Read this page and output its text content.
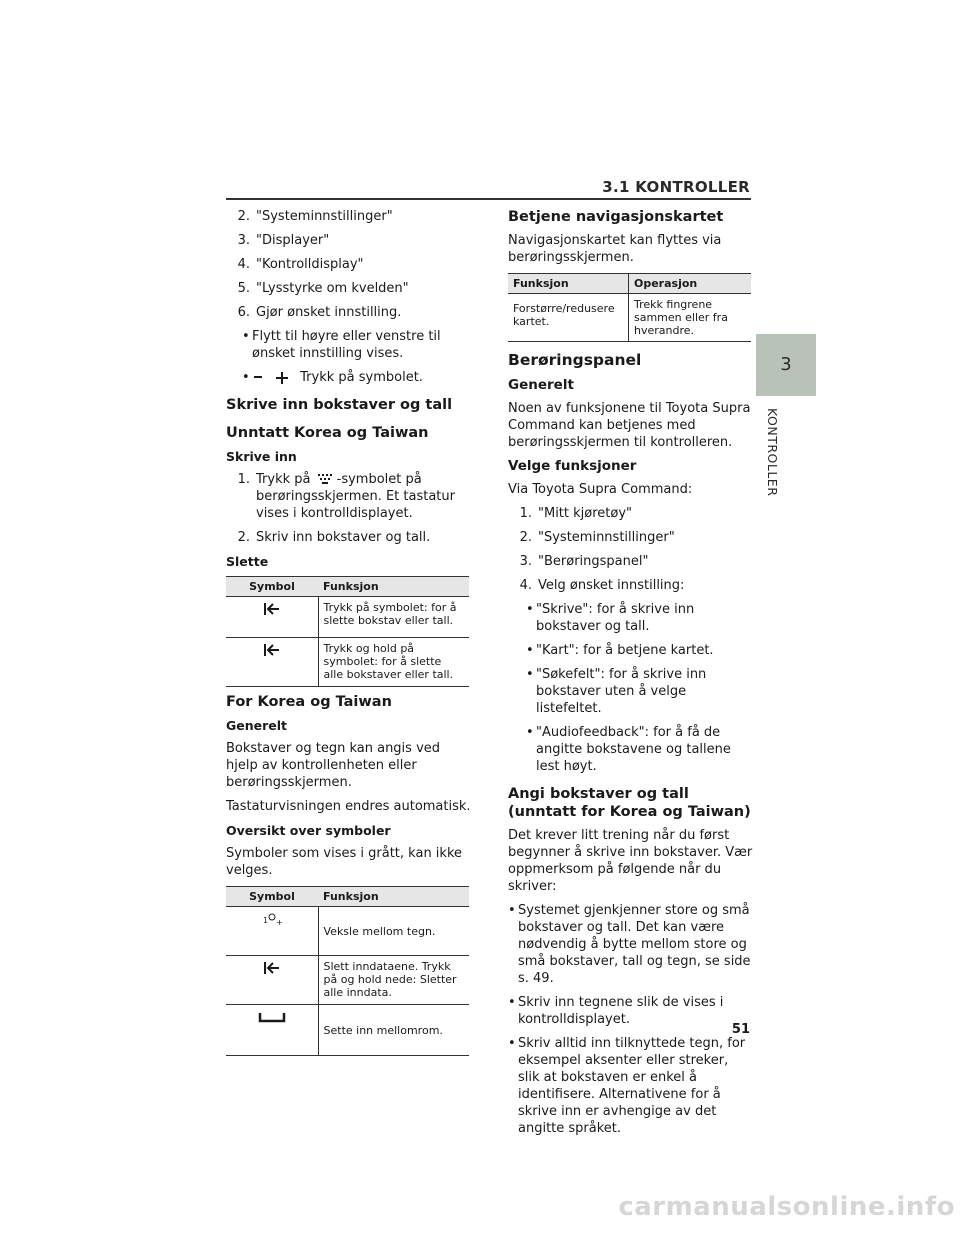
3.1 KONTROLLER
3
KONTROLLER
2. "Systeminnstillinger"
3. "Displayer"
4. "Kontrolldisplay"
5. "Lysstyrke om kvelden"
6. Gjør ønsket innstilling.
• Flytt til høyre eller venstre til ønsket innstilling vises.
•	Trykk på symbolet.
Skrive inn bokstaver og tall
Unntatt Korea og Taiwan
Skrive inn
1. Trykk på -symbolet på berøringsskjermen. Et tastatur vises i kontrolldisplayet.
2. Skriv inn bokstaver og tall.
Slette
Symbol	Funksjon
	Trykk på symbolet: for å slette bokstav eller tall.
	Trykk og hold på symbolet: for å slette alle bokstaver eller tall.
For Korea og Taiwan
Generelt

Bokstaver og tegn kan angis ved hjelp av kontrollenheten eller berøringsskjermen.

Tastaturvisningen endres automatisk.

Oversikt over symboler

Symboler som vises i grått, kan ikke velges.

Symbol	Funksjon

1 +	Veksle mellom tegn.
	Slett inndataene. Trykk på og hold nede: Sletter alle inndata.
	Sette inn mellomrom.
Betjene navigasjonskartet

Navigasjonskartet kan flyttes via berøringsskjermen.

Funksjon	Operasjon
Forstørre/redusere kartet.	Trekk fingrene sammen eller fra hverandre.
Berøringspanel
Generelt

Noen av funksjonene til Toyota Supra Command kan betjenes med berøringsskjermen til kontrolleren.

Velge funksjoner

Via Toyota Supra Command:

1. "Mitt kjøretøy"
2. "Systeminnstillinger"
3. "Berøringspanel"
4. Velg ønsket innstilling:
• "Skrive": for å skrive inn bokstaver og tall.
• "Kart": for å betjene kartet.
• "Søkefelt": for å skrive inn bokstaver uten å velge listefeltet.
• "Audiofeedback": for å få de angitte bokstavene og tallene lest høyt.
Angi bokstaver og tall (unntatt for Korea og Taiwan)

Det krever litt trening når du først begynner å skrive inn bokstaver. Vær oppmerksom på følgende når du skriver:

• Systemet gjenkjenner store og små bokstaver og tall. Det kan være nødvendig å bytte mellom store og små bokstaver, tall og tegn, se side s. 49.
• Skriv inn tegnene slik de vises i kontrolldisplayet.
• Skriv alltid inn tilknyttede tegn, for eksempel aksenter eller streker, slik at bokstaven er enkel å identifisere. Alternativene for å skrive inn er avhengige av det angitte språket.
51
carmanualsonline.info
